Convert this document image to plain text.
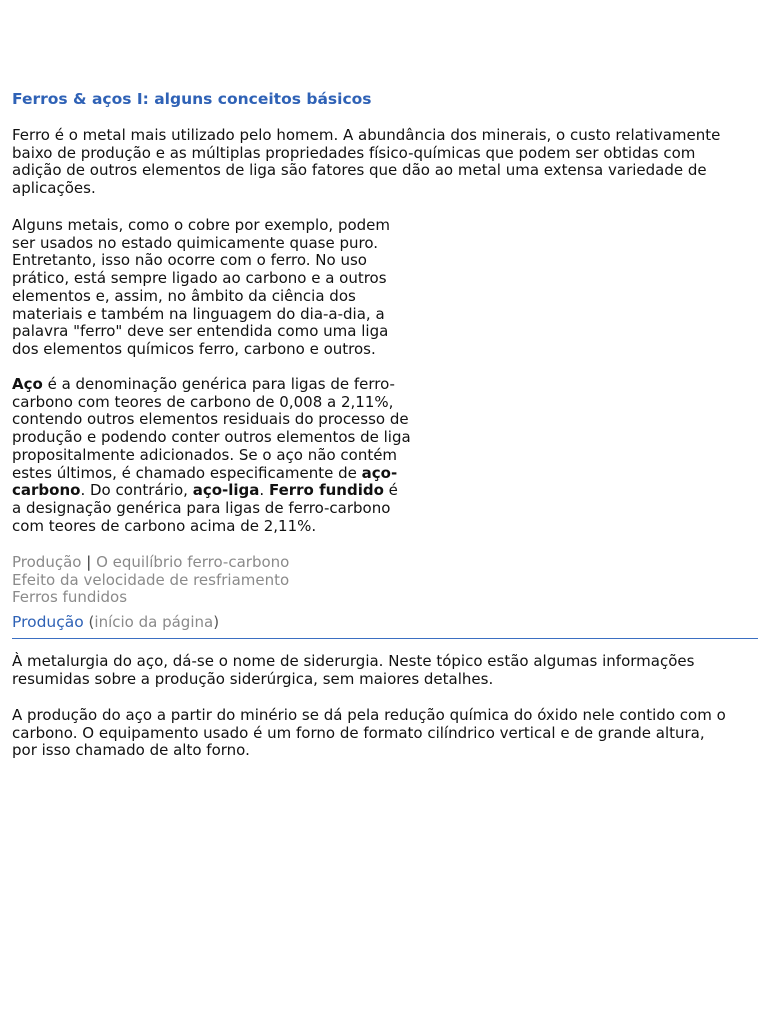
Ferros & aços I: alguns conceitos básicos

Ferro é o metal mais utilizado pelo homem. A abundância dos minerais, o custo relativamente

baixo de produção e as múltiplas propriedades físico-químicas que podem ser obtidas com

adição de outros elementos de liga são fatores que dão ao metal uma extensa variedade de

aplicações.

Alguns metais, como o cobre por exemplo, podem

ser usados no estado quimicamente quase puro.

Entretanto, isso não ocorre com o ferro. No uso

prático, está sempre ligado ao carbono e a outros

elementos e, assim, no âmbito da ciência dos

materiais e também na linguagem do dia-a-dia, a

palavra "ferro" deve ser entendida como uma liga

dos elementos químicos ferro, carbono e outros.

Aço é a denominação genérica para ligas de ferro-

carbono com teores de carbono de 0,008 a 2,11%,

contendo outros elementos residuais do processo de

produção e podendo conter outros elementos de liga

propositalmente adicionados. Se o aço não contém

estes últimos, é chamado especificamente de aço-

carbono. Do contrário, aço-liga. Ferro fundido é

a designação genérica para ligas de ferro-carbono

com teores de carbono acima de 2,11%.

Produção | O equilíbrio ferro-carbono

Efeito da velocidade de resfriamento

Ferros fundidos

Produção (início da página)

À metalurgia do aço, dá-se o nome de siderurgia. Neste tópico estão algumas informações

resumidas sobre a produção siderúrgica, sem maiores detalhes.

A produção do aço a partir do minério se dá pela redução química do óxido nele contido com o

carbono. O equipamento usado é um forno de formato cilíndrico vertical e de grande altura,

por isso chamado de alto forno.
